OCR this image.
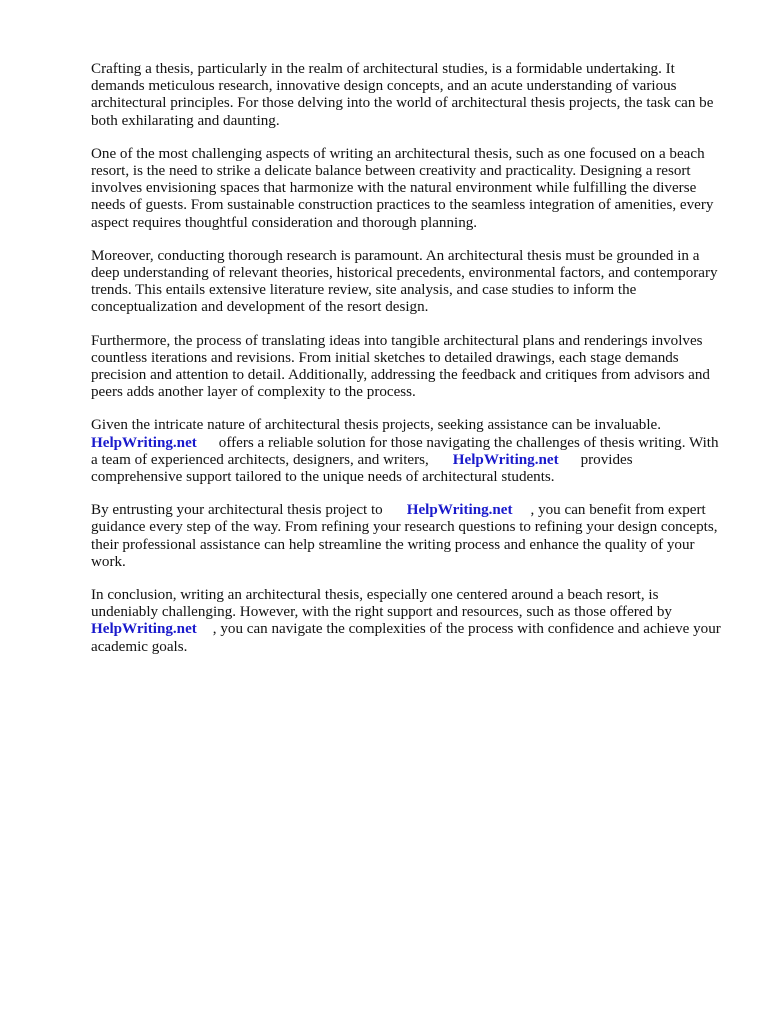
Crafting a thesis, particularly in the realm of architectural studies, is a formidable undertaking. It demands meticulous research, innovative design concepts, and an acute understanding of various architectural principles. For those delving into the world of architectural thesis projects, the task can be both exhilarating and daunting.

One of the most challenging aspects of writing an architectural thesis, such as one focused on a beach resort, is the need to strike a delicate balance between creativity and practicality. Designing a resort involves envisioning spaces that harmonize with the natural environment while fulfilling the diverse needs of guests. From sustainable construction practices to the seamless integration of amenities, every aspect requires thoughtful consideration and thorough planning.

Moreover, conducting thorough research is paramount. An architectural thesis must be grounded in a deep understanding of relevant theories, historical precedents, environmental factors, and contemporary trends. This entails extensive literature review, site analysis, and case studies to inform the conceptualization and development of the resort design.

Furthermore, the process of translating ideas into tangible architectural plans and renderings involves countless iterations and revisions. From initial sketches to detailed drawings, each stage demands precision and attention to detail. Additionally, addressing the feedback and critiques from advisors and peers adds another layer of complexity to the process.

Given the intricate nature of architectural thesis projects, seeking assistance can be invaluable.
HelpWriting.net offers a reliable solution for those navigating the challenges of thesis writing. With a team of experienced architects, designers, and writers, HelpWriting.net provides comprehensive support tailored to the unique needs of architectural students.

By entrusting your architectural thesis project to HelpWriting.net , you can benefit from expert guidance every step of the way. From refining your research questions to refining your design concepts, their professional assistance can help streamline the writing process and enhance the quality of your work.

In conclusion, writing an architectural thesis, especially one centered around a beach resort, is undeniably challenging. However, with the right support and resources, such as those offered by
HelpWriting.net , you can navigate the complexities of the process with confidence and achieve your academic goals.
